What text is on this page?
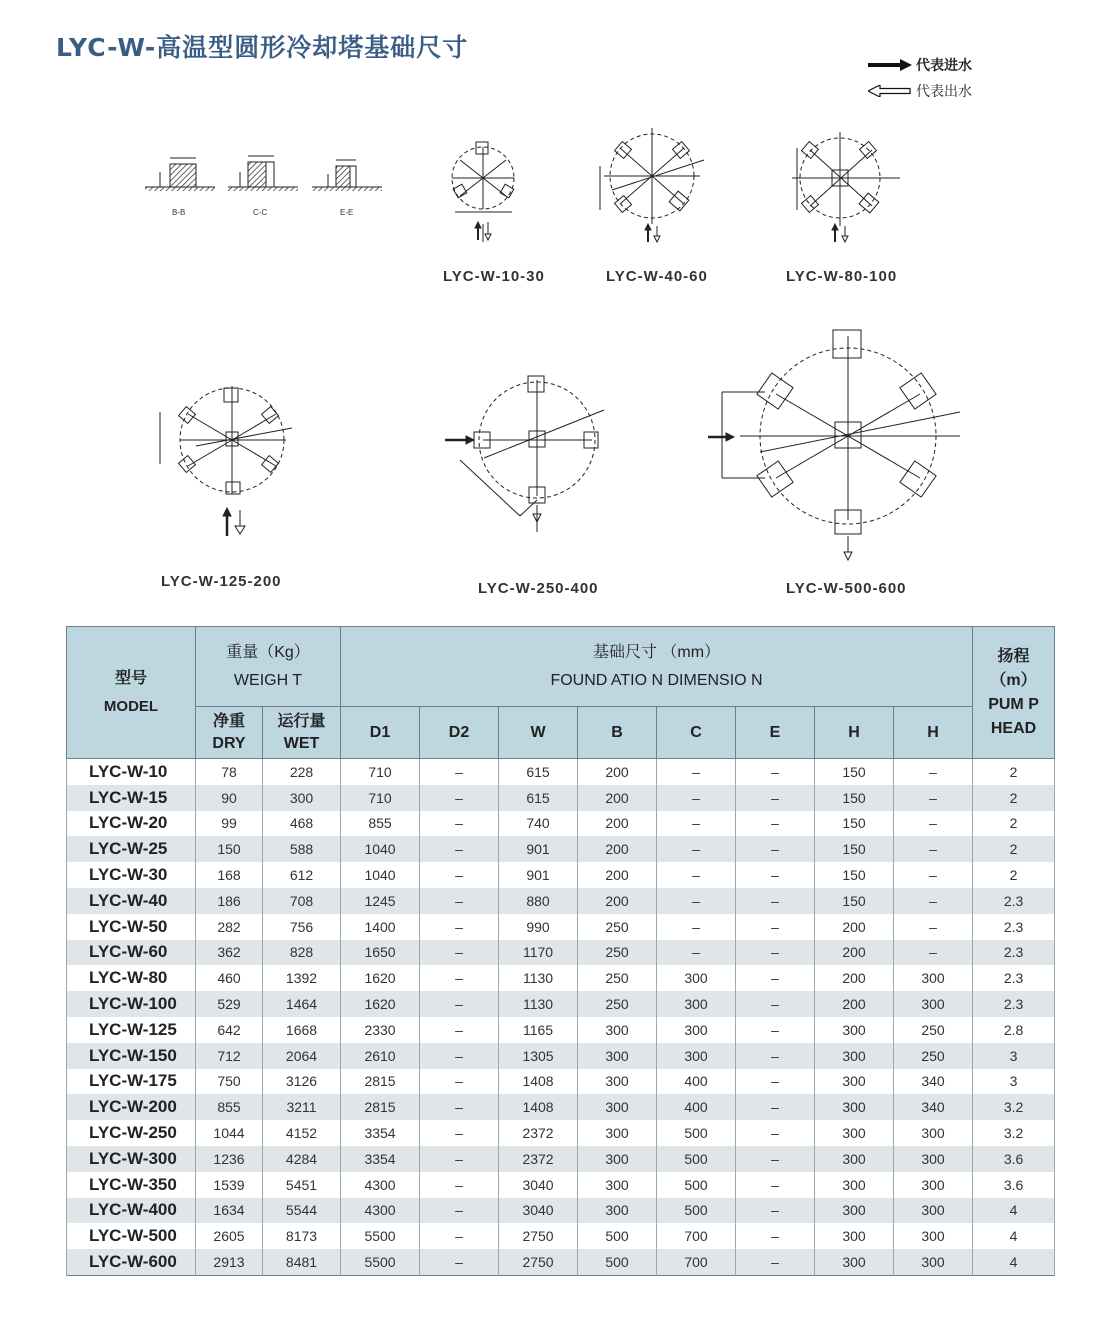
LYC-W-高温型圆形冷却塔基础尺寸
代表进水
代表出水
B-B	C-C	E-E
LYC-W-10-30	LYC-W-40-60	LYC-W-80-100
LYC-W-125-200	LYC-W-250-400	LYC-W-500-600
型号
MODEL	重量（Kg）
WEIGH T		基础尺寸 （mm）
FOUND ATIO N DIMENSIO N								扬程
（m）
PUM P
HEAD

	净重
DRY	运行量
WET	D1	D2	W	B	C	E	H	H	
LYC-W-10	78	228	710	–	615	200	–	–	150	–	2
LYC-W-15	90	300	710	–	615	200	–	–	150	–	2
LYC-W-20	99	468	855	–	740	200	–	–	150	–	2
LYC-W-25	150	588	1040	–	901	200	–	–	150	–	2
LYC-W-30	168	612	1040	–	901	200	–	–	150	–	2
LYC-W-40	186	708	1245	–	880	200	–	–	150	–	2.3
LYC-W-50	282	756	1400	–	990	250	–	–	200	–	2.3
LYC-W-60	362	828	1650	–	1170	250	–	–	200	–	2.3
LYC-W-80	460	1392	1620	–	1130	250	300	–	200	300	2.3
LYC-W-100	529	1464	1620	–	1130	250	300	–	200	300	2.3
LYC-W-125	642	1668	2330	–	1165	300	300	–	300	250	2.8
LYC-W-150	712	2064	2610	–	1305	300	300	–	300	250	3
LYC-W-175	750	3126	2815	–	1408	300	400	–	300	340	3
LYC-W-200	855	3211	2815	–	1408	300	400	–	300	340	3.2
LYC-W-250	1044	4152	3354	–	2372	300	500	–	300	300	3.2
LYC-W-300	1236	4284	3354	–	2372	300	500	–	300	300	3.6
LYC-W-350	1539	5451	4300	–	3040	300	500	–	300	300	3.6
LYC-W-400	1634	5544	4300	–	3040	300	500	–	300	300	4
LYC-W-500	2605	8173	5500	–	2750	500	700	–	300	300	4
LYC-W-600	2913	8481	5500	–	2750	500	700	–	300	300	4
